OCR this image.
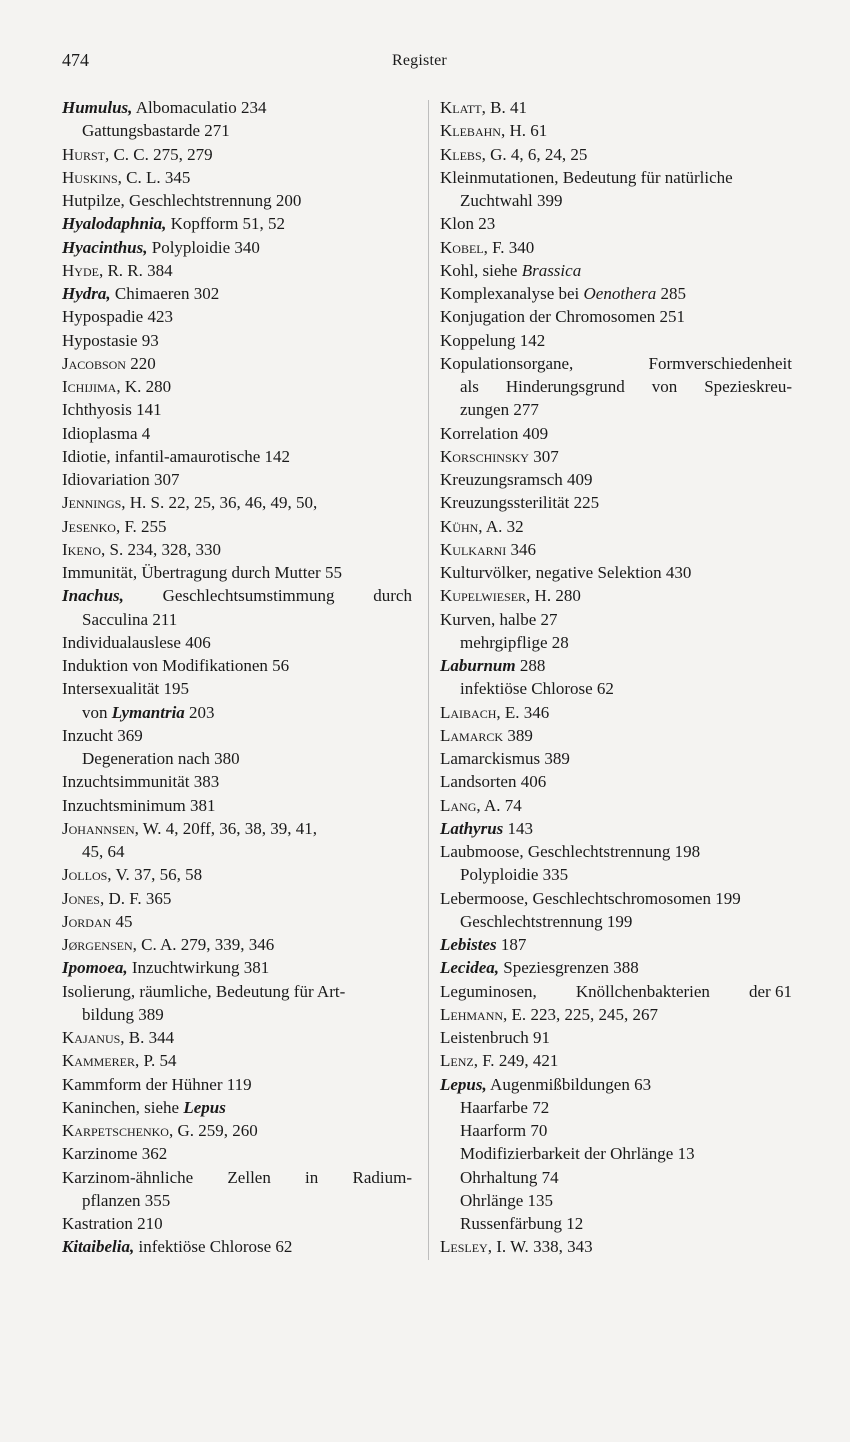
474	Register
Humulus, Albomaculatio 234
Gattungsbastarde 271
Hurst, C. C. 275, 279
Huskins, C. L. 345
Hutpilze, Geschlechtstrennung 200
Hyalodaphnia, Kopfform 51, 52
Hyacinthus, Polyploidie 340
Hyde, R. R. 384
Hydra, Chimaeren 302
Hypospadie 423
Hypostasie 93
Jacobson 220
Ichijima, K. 280
Ichthyosis 141
Idioplasma 4
Idiotie, infantil-amaurotische 142
Idiovariation 307
Jennings, H. S. 22, 25, 36, 46, 49, 50,
Jesenko, F. 255
Ikeno, S. 234, 328, 330
Immunität, Übertragung durch Mutter 55
Inachus, Geschlechtsumstimmung durch
Sacculina 211
Individualauslese 406
Induktion von Modifikationen 56
Intersexualität 195
von Lymantria 203
Inzucht 369
Degeneration nach 380
Inzuchtsimmunität 383
Inzuchtsminimum 381
Johannsen, W. 4, 20ff, 36, 38, 39, 41,
45, 64
Jollos, V. 37, 56, 58
Jones, D. F. 365
Jordan 45
Jørgensen, C. A. 279, 339, 346
Ipomoea, Inzuchtwirkung 381
Isolierung, räumliche, Bedeutung für Art-
bildung 389
Kajanus, B. 344
Kammerer, P. 54
Kammform der Hühner 119
Kaninchen, siehe Lepus
Karpetschenko, G. 259, 260
Karzinome 362
Karzinom-ähnliche Zellen in Radium-
pflanzen 355
Kastration 210
Kitaibelia, infektiöse Chlorose 62
Klatt, B. 41
Klebahn, H. 61
Klebs, G. 4, 6, 24, 25
Kleinmutationen, Bedeutung für natürliche
Zuchtwahl 399
Klon 23
Kobel, F. 340
Kohl, siehe Brassica
Komplexanalyse bei Oenothera 285
Konjugation der Chromosomen 251
Koppelung 142
Kopulationsorgane,	Formverschiedenheit
als Hinderungsgrund von Spezieskreu-
zungen 277
Korrelation 409
Korschinsky 307
Kreuzungsramsch 409
Kreuzungssterilität 225
Kühn, A. 32
Kulkarni 346
Kulturvölker, negative Selektion 430
Kupelwieser, H. 280
Kurven, halbe 27
mehrgipflige 28
Laburnum 288
infektiöse Chlorose 62
Laibach, E. 346
Lamarck 389
Lamarckismus 389
Landsorten 406
Lang, A. 74
Lathyrus 143
Laubmoose, Geschlechtstrennung 198
Polyploidie 335
Lebermoose, Geschlechtschromosomen 199
Geschlechtstrennung 199
Lebistes 187
Lecidea, Speziesgrenzen 388
Leguminosen, Knöllchenbakterien der 61
Lehmann, E. 223, 225, 245, 267
Leistenbruch 91
Lenz, F. 249, 421
Lepus, Augenmißbildungen 63
Haarfarbe 72
Haarform 70
Modifizierbarkeit der Ohrlänge 13
Ohrhaltung 74
Ohrlänge 135
Russenfärbung 12
Lesley, I. W. 338, 343
